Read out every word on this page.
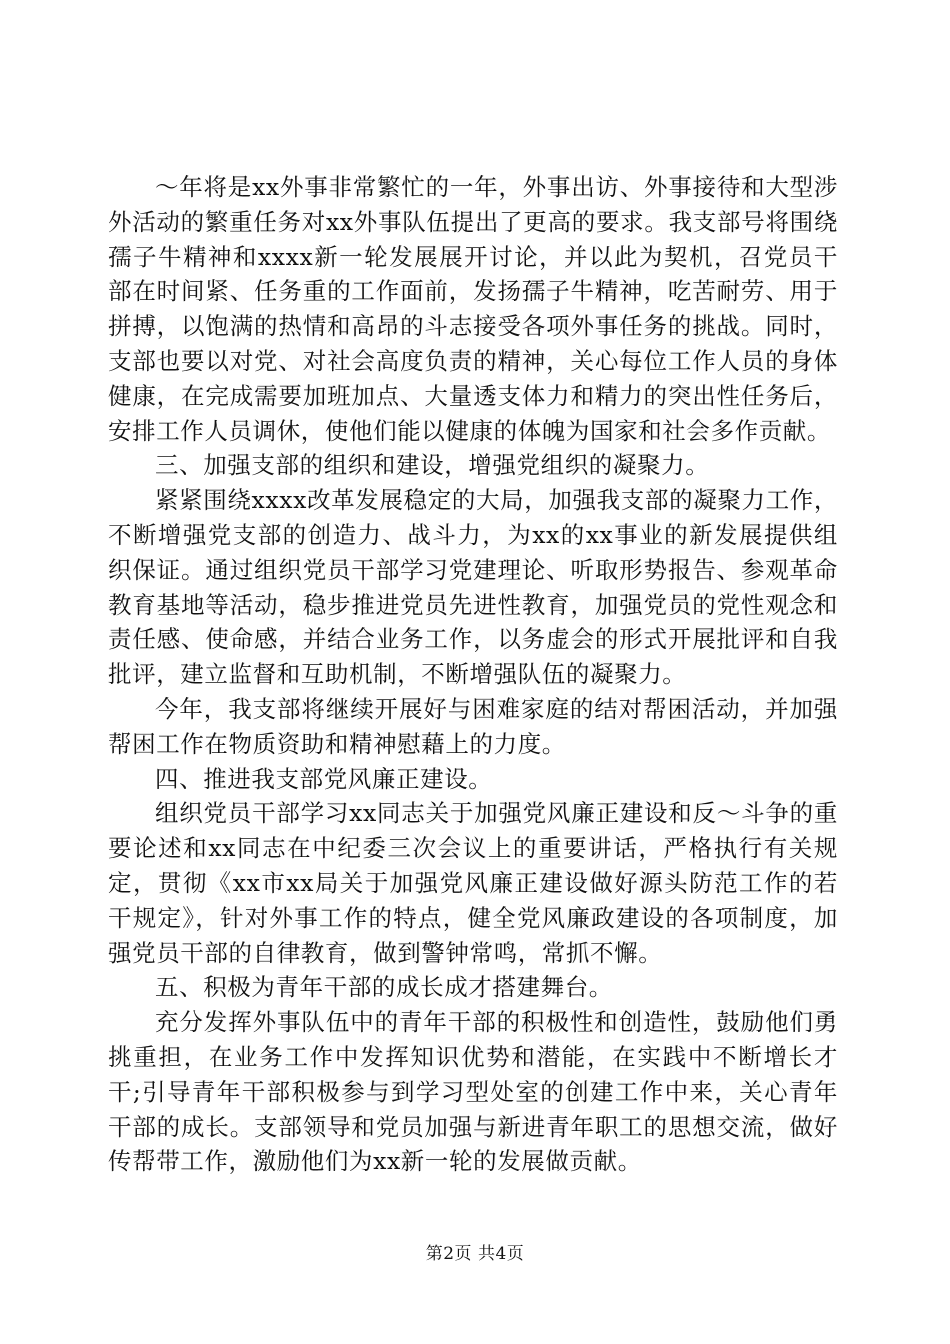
～年将是xx外事非常繁忙的一年，外事出访、外事接待和大型涉外活动的繁重任务对xx外事队伍提出了更高的要求。我支部号将围绕孺子牛精神和xxxx新一轮发展展开讨论，并以此为契机，召党员干部在时间紧、任务重的工作面前，发扬孺子牛精神，吃苦耐劳、用于拼搏，以饱满的热情和高昂的斗志接受各项外事任务的挑战。同时，支部也要以对党、对社会高度负责的精神，关心每位工作人员的身体健康，在完成需要加班加点、大量透支体力和精力的突出性任务后，安排工作人员调休，使他们能以健康的体魄为国家和社会多作贡献。

三、加强支部的组织和建设，增强党组织的凝聚力。

紧紧围绕xxxx改革发展稳定的大局，加强我支部的凝聚力工作，不断增强党支部的创造力、战斗力，为xx的xx事业的新发展提供组织保证。通过组织党员干部学习党建理论、听取形势报告、参观革命教育基地等活动，稳步推进党员先进性教育，加强党员的党性观念和责任感、使命感，并结合业务工作，以务虚会的形式开展批评和自我批评，建立监督和互助机制，不断增强队伍的凝聚力。

今年，我支部将继续开展好与困难家庭的结对帮困活动，并加强帮困工作在物质资助和精神慰藉上的力度。

四、推进我支部党风廉正建设。

组织党员干部学习xx同志关于加强党风廉正建设和反～斗争的重要论述和xx同志在中纪委三次会议上的重要讲话，严格执行有关规定，贯彻《xx市xx局关于加强党风廉正建设做好源头防范工作的若干规定》，针对外事工作的特点，健全党风廉政建设的各项制度，加强党员干部的自律教育，做到警钟常鸣，常抓不懈。

五、积极为青年干部的成长成才搭建舞台。

充分发挥外事队伍中的青年干部的积极性和创造性，鼓励他们勇挑重担，在业务工作中发挥知识优势和潜能，在实践中不断增长才干;引导青年干部积极参与到学习型处室的创建工作中来，关心青年干部的成长。支部领导和党员加强与新进青年职工的思想交流，做好传帮带工作，激励他们为xx新一轮的发展做贡献。

第2页 共4页
